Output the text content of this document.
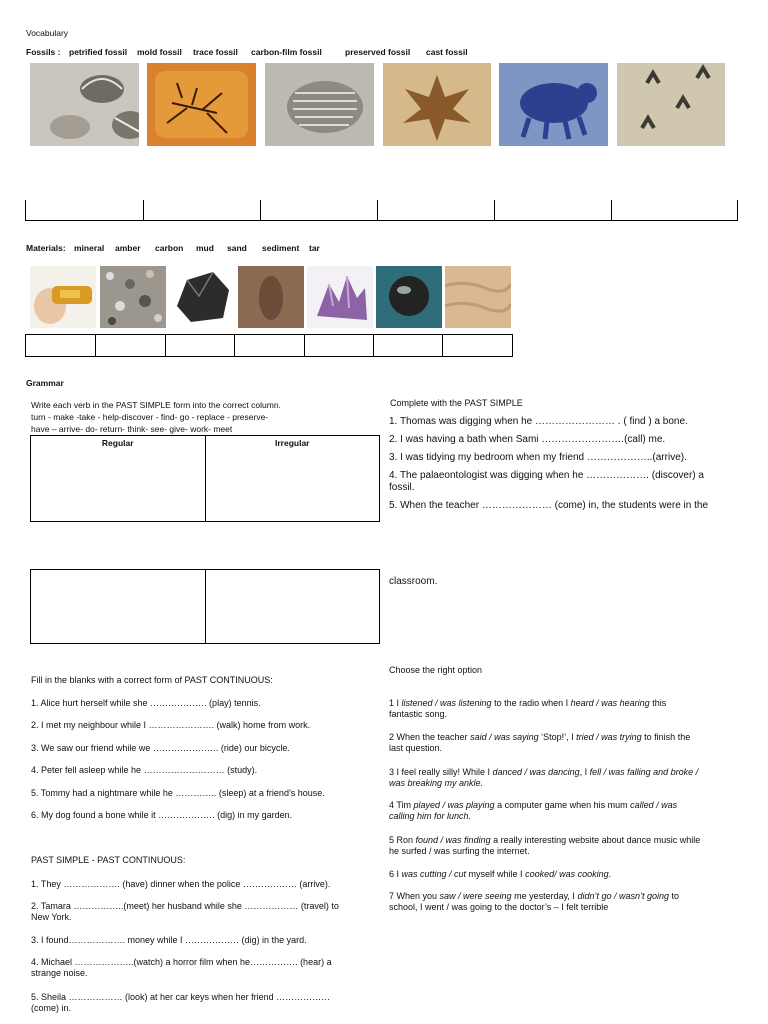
Vocabulary
Fossils : petrified fossil mold fossil trace fossil carbon-film fossil	preserved fossil cast fossil
Materials: mineral amber carbon mud sand sediment tar
Grammar
Write each verb in the PAST SIMPLE form into the correct column.
turn - make -take - help-discover - find- go - replace - preserve-
have – arrive- do- return- think- see- give- work- meet
Regular	Irregular
Complete with the PAST SIMPLE
1. Thomas was digging when he …………………… . ( find ) a bone.
2. I was having a bath when Sami …………………….(call) me.
3. I was tidying my bedroom when my friend ………………..(arrive).
4. The palaeontologist was digging when he ………………. (discover) a
fossil.
5. When the teacher ………………… (come) in, the students were in the
classroom.
Fill in the blanks with a correct form of PAST CONTINUOUS:
1. Alice hurt herself while she ………………. (play) tennis.
2. I met my neighbour while I …………………. (walk) home from work.
3. We saw our friend while we …………………. (ride) our bicycle.
4. Peter fell asleep while he ……………………… (study).
5. Tommy had a nightmare while he ………….. (sleep) at a friend’s house.
6. My dog found a bone while it ………………. (dig) in my garden.
PAST SIMPLE - PAST CONTINUOUS:
1. They ………………. (have) dinner when the police ……………… (arrive).
2. Tamara ……………..(meet) her husband while she ……………… (travel) to
New York.
3. I found………………. money while I ……………… (dig) in the yard.
4. Michael ………………..(watch) a horror film when he……………. (hear) a
strange noise.
5. Sheila ……………… (look) at her car keys when her friend ………………
(come) in.
Choose the right option
1 I listened / was listening to the radio when I heard / was hearing this
fantastic song.
2 When the teacher said / was saying ‘Stop!’, I tried / was trying to finish the
last question.
3 I feel really silly! While I danced / was dancing, I fell / was falling and broke /
was breaking my ankle.
4 Tim played / was playing a computer game when his mum called / was
calling him for lunch.
5 Ron found / was finding a really interesting website about dance music while
he surfed / was surfing the internet.
6 I was cutting / cut myself while I cooked/ was cooking.
7 When you saw / were seeing me yesterday, I didn’t go / wasn’t going to
school, I went / was going to the doctor’s – I felt terrible
